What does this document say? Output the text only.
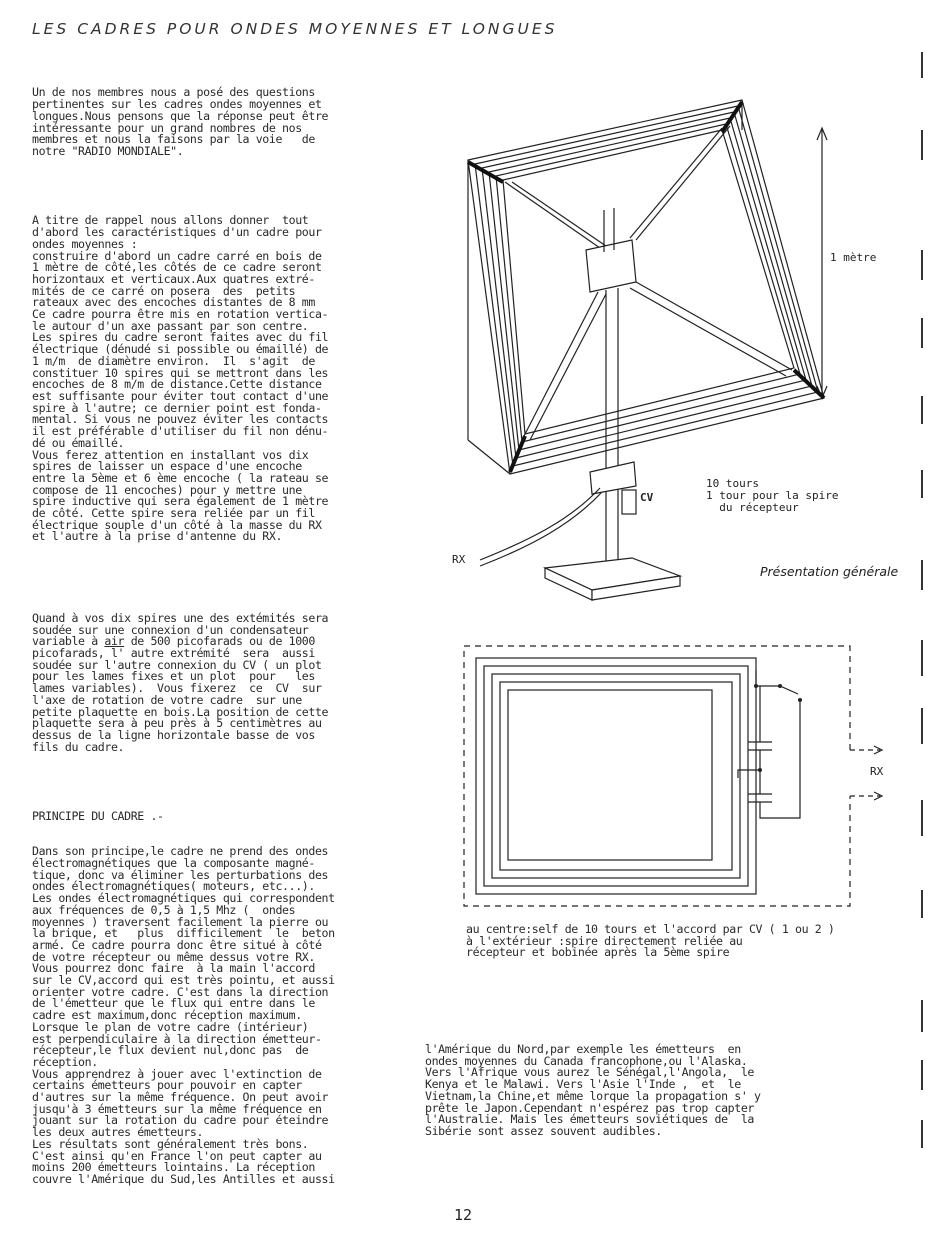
LES CADRES POUR ONDES MOYENNES ET LONGUES

Un de nos membres nous a posé des questions
pertinentes sur les cadres ondes moyennes et
longues.Nous pensons que la réponse peut être
intéressante pour un grand nombres de nos
membres et nous la faisons par la voie   de
notre "RADIO MONDIALE".

A titre de rappel nous allons donner  tout
d'abord les caractéristiques d'un cadre pour
ondes moyennes :
construire d'abord un cadre carré en bois de
1 mètre de côté,les côtés de ce cadre seront
horizontaux et verticaux.Aux quatres extré-
mités de ce carré on posera  des  petits
rateaux avec des encoches distantes de 8 mm
Ce cadre pourra être mis en rotation vertica-
le autour d'un axe passant par son centre.
Les spires du cadre seront faites avec du fil
électrique (dénudé si possible ou émaillé) de
1 m/m  de diamètre environ.  Il  s'agit  de
constituer 10 spires qui se mettront dans les
encoches de 8 m/m de distance.Cette distance
est suffisante pour éviter tout contact d'une
spire à l'autre; ce dernier point est fonda-
mental. Si vous ne pouvez éviter les contacts
il est préférable d'utiliser du fil non dénu-
dé ou émaillé.
Vous ferez attention en installant vos dix
spires de laisser un espace d'une encoche
entre la 5ème et 6 ème encoche ( la rateau se
compose de 11 encoches) pour y mettre une
spire inductive qui sera également de 1 mètre
de côté. Cette spire sera reliée par un fil
électrique souple d'un côté à la masse du RX
et l'autre à la prise d'antenne du RX.

Quand à vos dix spires une des extémités sera
soudée sur une connexion d'un condensateur
variable à air de 500 picofarads ou de 1000
picofarads, l' autre extrémité  sera  aussi
soudée sur l'autre connexion du CV ( un plot
pour les lames fixes et un plot  pour   les
lames variables).  Vous fixerez  ce  CV  sur
l'axe de rotation de votre cadre  sur une
petite plaquette en bois.La position de cette
plaquette sera à peu près à 5 centimètres au
dessus de la ligne horizontale basse de vos
fils du cadre.

PRINCIPE DU CADRE .-

Dans son principe,le cadre ne prend des ondes
électromagnétiques que la composante magné-
tique, donc va éliminer les perturbations des
ondes électromagnétiques( moteurs, etc...).
Les ondes électromagnétiques qui correspondent
aux fréquences de 0,5 à 1,5 Mhz (  ondes
moyennes ) traversent facilement la pierre ou
la brique, et   plus  difficilement  le  beton
armé. Ce cadre pourra donc être situé à côté
de votre récepteur ou même dessus votre RX.
Vous pourrez donc faire  à la main l'accord
sur le CV,accord qui est très pointu, et aussi
orienter votre cadre. C'est dans la direction
de l'émetteur que le flux qui entre dans le
cadre est maximum,donc réception maximum.
Lorsque le plan de votre cadre (intérieur)
est perpendiculaire à la direction émetteur-
récepteur,le flux devient nul,donc pas  de
réception.
Vous apprendrez à jouer avec l'extinction de
certains émetteurs pour pouvoir en capter
d'autres sur la même fréquence. On peut avoir
jusqu'à 3 émetteurs sur la même fréquence en
jouant sur la rotation du cadre pour éteindre
les deux autres émetteurs.
Les résultats sont généralement très bons.
C'est ainsi qu'en France l'on peut capter au
moins 200 émetteurs lointains. La réception
couvre l'Amérique du Sud,les Antilles et aussi

l'Amérique du Nord,par exemple les émetteurs  en
ondes moyennes du Canada francophone,ou l'Alaska.
Vers l'Afrique vous aurez le Sénégal,l'Angola,  le
Kenya et le Malawi. Vers l'Asie l'Inde ,  et  le
Vietnam,la Chine,et même lorque la propagation s' y
prête le Japon.Cependant n'espérez pas trop capter
l'Australie. Mais les émetteurs soviétiques de  la
Sibérie sont assez souvent audibles.
1 mètre
10 tours
1 tour pour la spire
du récepteur
CV
RX
Présentation générale
RX
au centre:self de 10 tours et l'accord par CV ( 1 ou 2 )
à l'extérieur :spire directement reliée au
récepteur et bobinée après la 5ème spire
12
